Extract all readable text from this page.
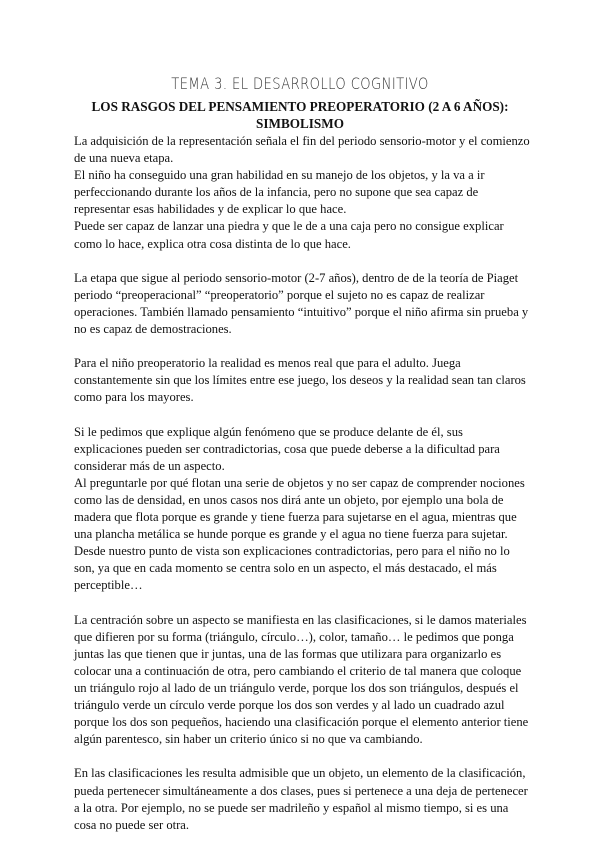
TEMA 3. EL DESARROLLO COGNITIVO
LOS RASGOS DEL PENSAMIENTO PREOPERATORIO (2 A 6 AÑOS): SIMBOLISMO

La adquisición de la representación señala el fin del periodo sensorio-motor y el comienzo de una nueva etapa.

El niño ha conseguido una gran habilidad en su manejo de los objetos, y la va a ir perfeccionando durante los años de la infancia, pero no supone que sea capaz de representar esas habilidades y de explicar lo que hace.

Puede ser capaz de lanzar una piedra y que le de a una caja pero no consigue explicar como lo hace, explica otra cosa distinta de lo que hace.

La etapa que sigue al periodo sensorio-motor (2-7 años), dentro de de la teoría de Piaget periodo “preoperacional” “preoperatorio” porque el sujeto no es capaz de realizar operaciones. También llamado pensamiento “intuitivo” porque el niño afirma sin prueba y no es capaz de demostraciones.

Para el niño preoperatorio la realidad es menos real que para el adulto. Juega constantemente sin que los límites entre ese juego, los deseos y la realidad sean tan claros como para los mayores.

Si le pedimos que explique algún fenómeno que se produce delante de él, sus explicaciones pueden ser contradictorias, cosa que puede deberse a la dificultad para considerar más de un aspecto.

Al preguntarle por qué flotan una serie de objetos y no ser capaz de comprender nociones como las de densidad, en unos casos nos dirá ante un objeto, por ejemplo una bola de madera que flota porque es grande y tiene fuerza para sujetarse en el agua, mientras que una plancha metálica se hunde porque es grande y el agua no tiene fuerza para sujetar.

Desde nuestro punto de vista son explicaciones contradictorias, pero para el niño no lo son, ya que en cada momento se centra solo en un aspecto, el más destacado, el más perceptible…

La centración sobre un aspecto se manifiesta en las clasificaciones, si le damos materiales que difieren por su forma (triángulo, círculo…), color, tamaño… le pedimos que ponga juntas las que tienen que ir juntas, una de las formas que utilizara para organizarlo es colocar una a continuación de otra, pero cambiando el criterio de tal manera que coloque un triángulo rojo al lado de un triángulo verde, porque los dos son triángulos, después el triángulo verde un círculo verde porque los dos son verdes y al lado un cuadrado azul porque los dos son pequeños, haciendo una clasificación porque el elemento anterior tiene algún parentesco, sin haber un criterio único si no que va cambiando.

En las clasificaciones les resulta admisible que un objeto, un elemento de la clasificación, pueda pertenecer simultáneamente a dos clases, pues si pertenece a una deja de pertenecer a la otra. Por ejemplo, no se puede ser madrileño y español al mismo tiempo, si es una cosa no puede ser otra.
